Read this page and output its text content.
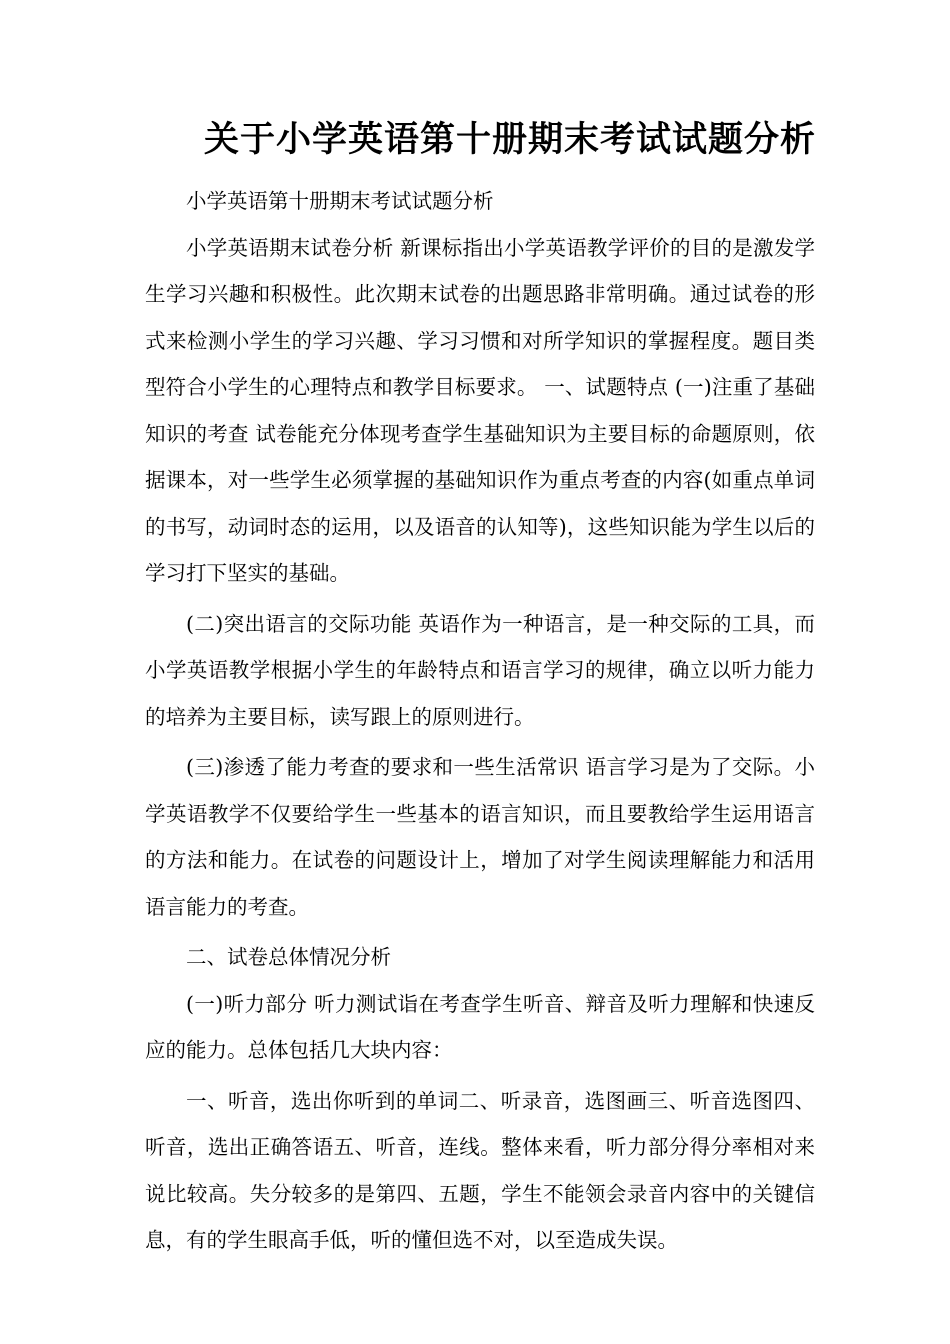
关于小学英语第十册期末考试试题分析

小学英语第十册期末考试试题分析

小学英语期末试卷分析 新课标指出小学英语教学评价的目的是激发学生学习兴趣和积极性。此次期末试卷的出题思路非常明确。通过试卷的形式来检测小学生的学习兴趣、学习习惯和对所学知识的掌握程度。题目类型符合小学生的心理特点和教学目标要求。 一、试题特点 (一)注重了基础知识的考查 试卷能充分体现考查学生基础知识为主要目标的命题原则，依据课本，对一些学生必须掌握的基础知识作为重点考查的内容(如重点单词的书写，动词时态的运用，以及语音的认知等)，这些知识能为学生以后的学习打下坚实的基础。

(二)突出语言的交际功能 英语作为一种语言，是一种交际的工具，而小学英语教学根据小学生的年龄特点和语言学习的规律，确立以听力能力的培养为主要目标，读写跟上的原则进行。

(三)渗透了能力考查的要求和一些生活常识 语言学习是为了交际。小学英语教学不仅要给学生一些基本的语言知识，而且要教给学生运用语言的方法和能力。在试卷的问题设计上，增加了对学生阅读理解能力和活用语言能力的考查。

二、试卷总体情况分析

(一)听力部分 听力测试诣在考查学生听音、辩音及听力理解和快速反应的能力。总体包括几大块内容：

一、听音，选出你听到的单词二、听录音，选图画三、听音选图四、听音，选出正确答语五、听音，连线。整体来看，听力部分得分率相对来说比较高。失分较多的是第四、五题，学生不能领会录音内容中的关键信息，有的学生眼高手低，听的懂但选不对，以至造成失误。
